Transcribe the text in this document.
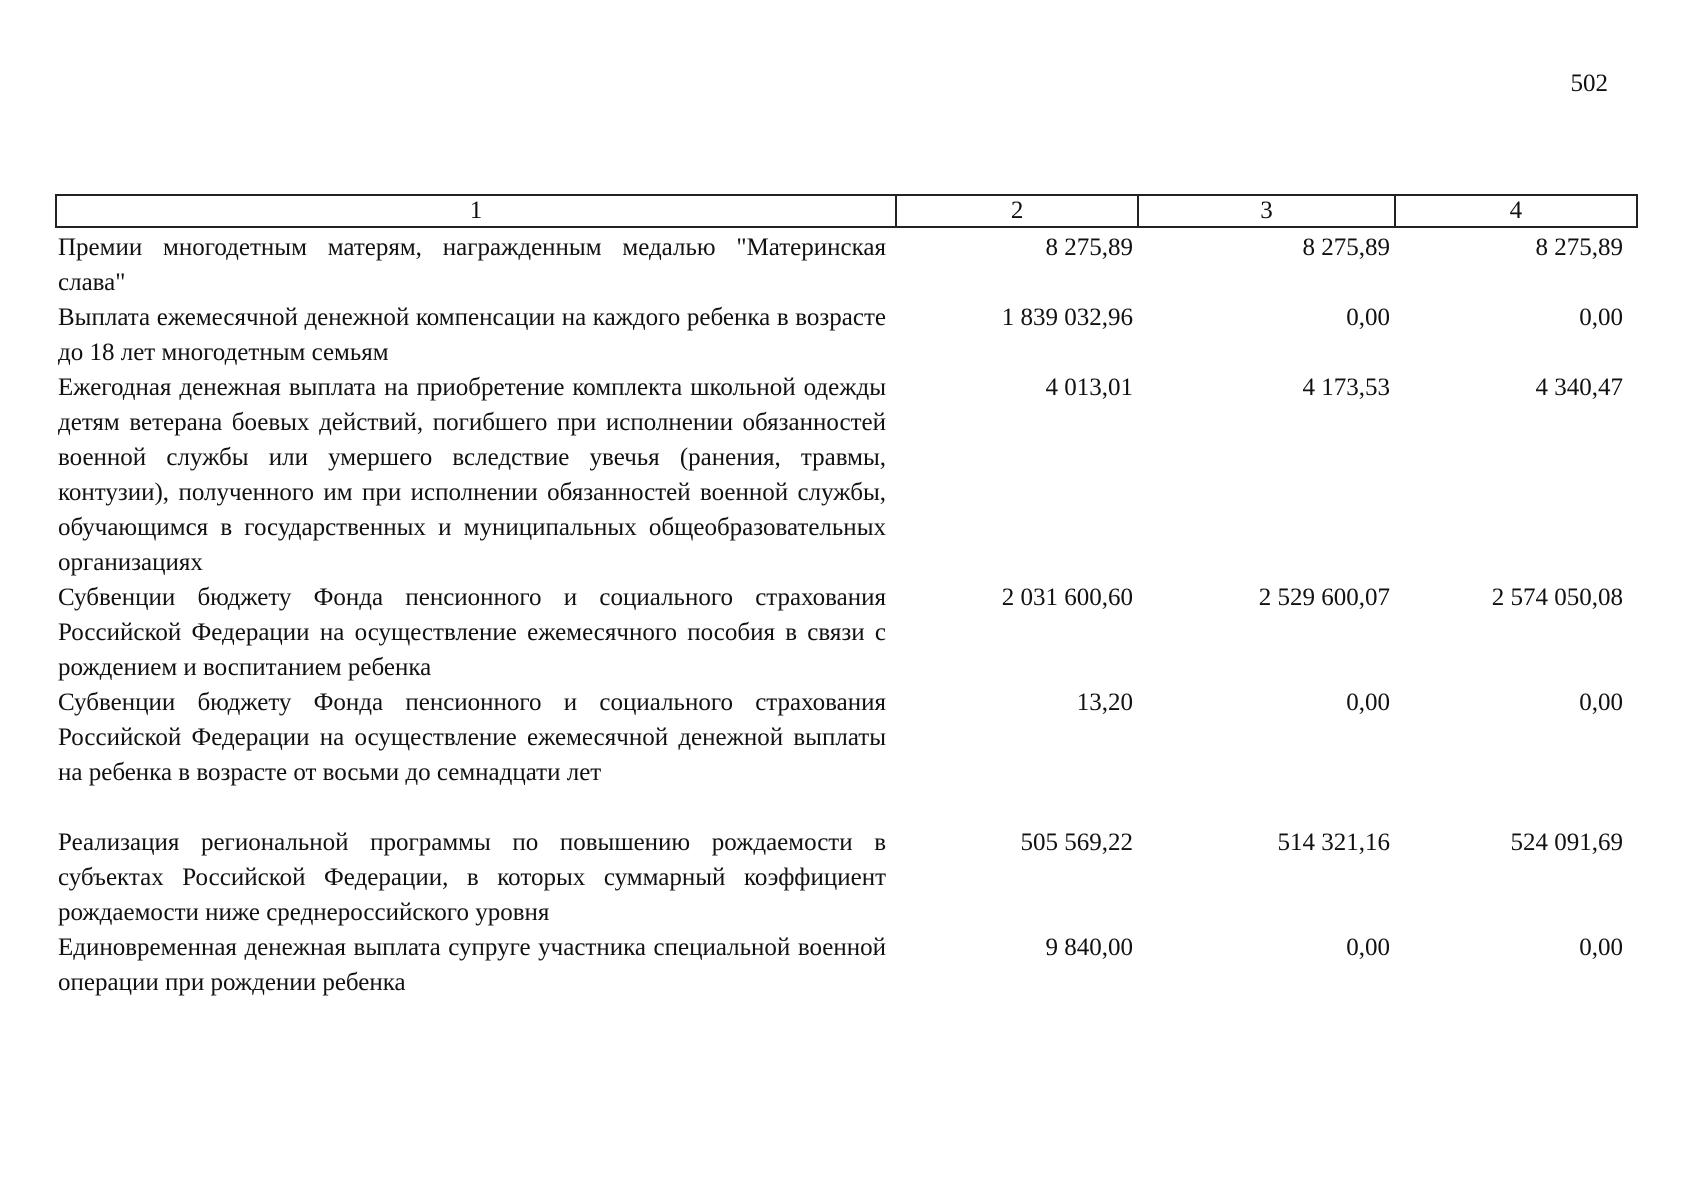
502
1	2	3	4
Премии многодетным матерям, награжденным медалью "Материнская слава"
8 275,89	8 275,89	8 275,89
Выплата ежемесячной денежной компенсации на каждого ребенка в возрасте до 18 лет многодетным семьям
1 839 032,96	0,00	0,00
Ежегодная денежная выплата на приобретение комплекта школьной одежды детям ветерана боевых действий, погибшего при исполнении обязанностей военной службы или умершего вследствие увечья (ранения, травмы, контузии), полученного им при исполнении обязанностей военной службы, обучающимся в государственных и муниципальных общеобразовательных организациях
4 013,01	4 173,53	4 340,47
Субвенции бюджету Фонда пенсионного и социального страхования Российской Федерации на осуществление ежемесячного пособия в связи с рождением и воспитанием ребенка
2 031 600,60	2 529 600,07	2 574 050,08
Субвенции бюджету Фонда пенсионного и социального страхования Российской Федерации на осуществление ежемесячной денежной выплаты на ребенка в возрасте от восьми до семнадцати лет
13,20	0,00	0,00
Реализация региональной программы по повышению рождаемости в субъектах Российской Федерации, в которых суммарный коэффициент рождаемости ниже среднероссийского уровня
505 569,22	514 321,16	524 091,69
Единовременная денежная выплата супруге участника специальной военной операции при рождении ребенка
9 840,00	0,00	0,00
